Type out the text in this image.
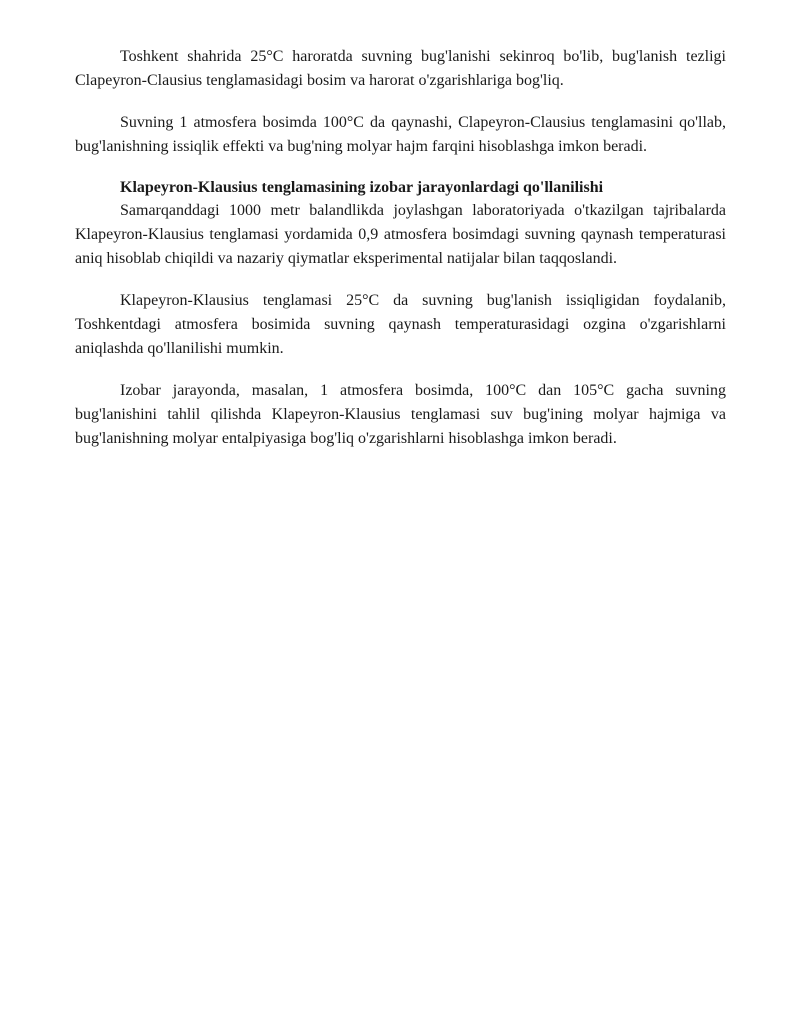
Toshkent shahrida 25°C haroratda suvning bug'lanishi sekinroq bo'lib, bug'lanish tezligi Clapeyron-Clausius tenglamasidagi bosim va harorat o'zgarishlariga bog'liq.

Suvning 1 atmosfera bosimda 100°C da qaynashi, Clapeyron-Clausius tenglamasini qo'llab, bug'lanishning issiqlik effekti va bug'ning molyar hajm farqini hisoblashga imkon beradi.

Klapeyron-Klausius tenglamasining izobar jarayonlardagi qo'llanilishi

Samarqanddagi 1000 metr balandlikda joylashgan laboratoriyada o'tkazilgan tajribalarda Klapeyron-Klausius tenglamasi yordamida 0,9 atmosfera bosimdagi suvning qaynash temperaturasi aniq hisoblab chiqildi va nazariy qiymatlar eksperimental natijalar bilan taqqoslandi.

Klapeyron-Klausius tenglamasi 25°C da suvning bug'lanish issiqligidan foydalanib, Toshkentdagi atmosfera bosimida suvning qaynash temperaturasidagi ozgina o'zgarishlarni aniqlashda qo'llanilishi mumkin.

Izobar jarayonda, masalan, 1 atmosfera bosimda, 100°C dan 105°C gacha suvning bug'lanishini tahlil qilishda Klapeyron-Klausius tenglamasi suv bug'ining molyar hajmiga va bug'lanishning molyar entalpiyasiga bog'liq o'zgarishlarni hisoblashga imkon beradi.
